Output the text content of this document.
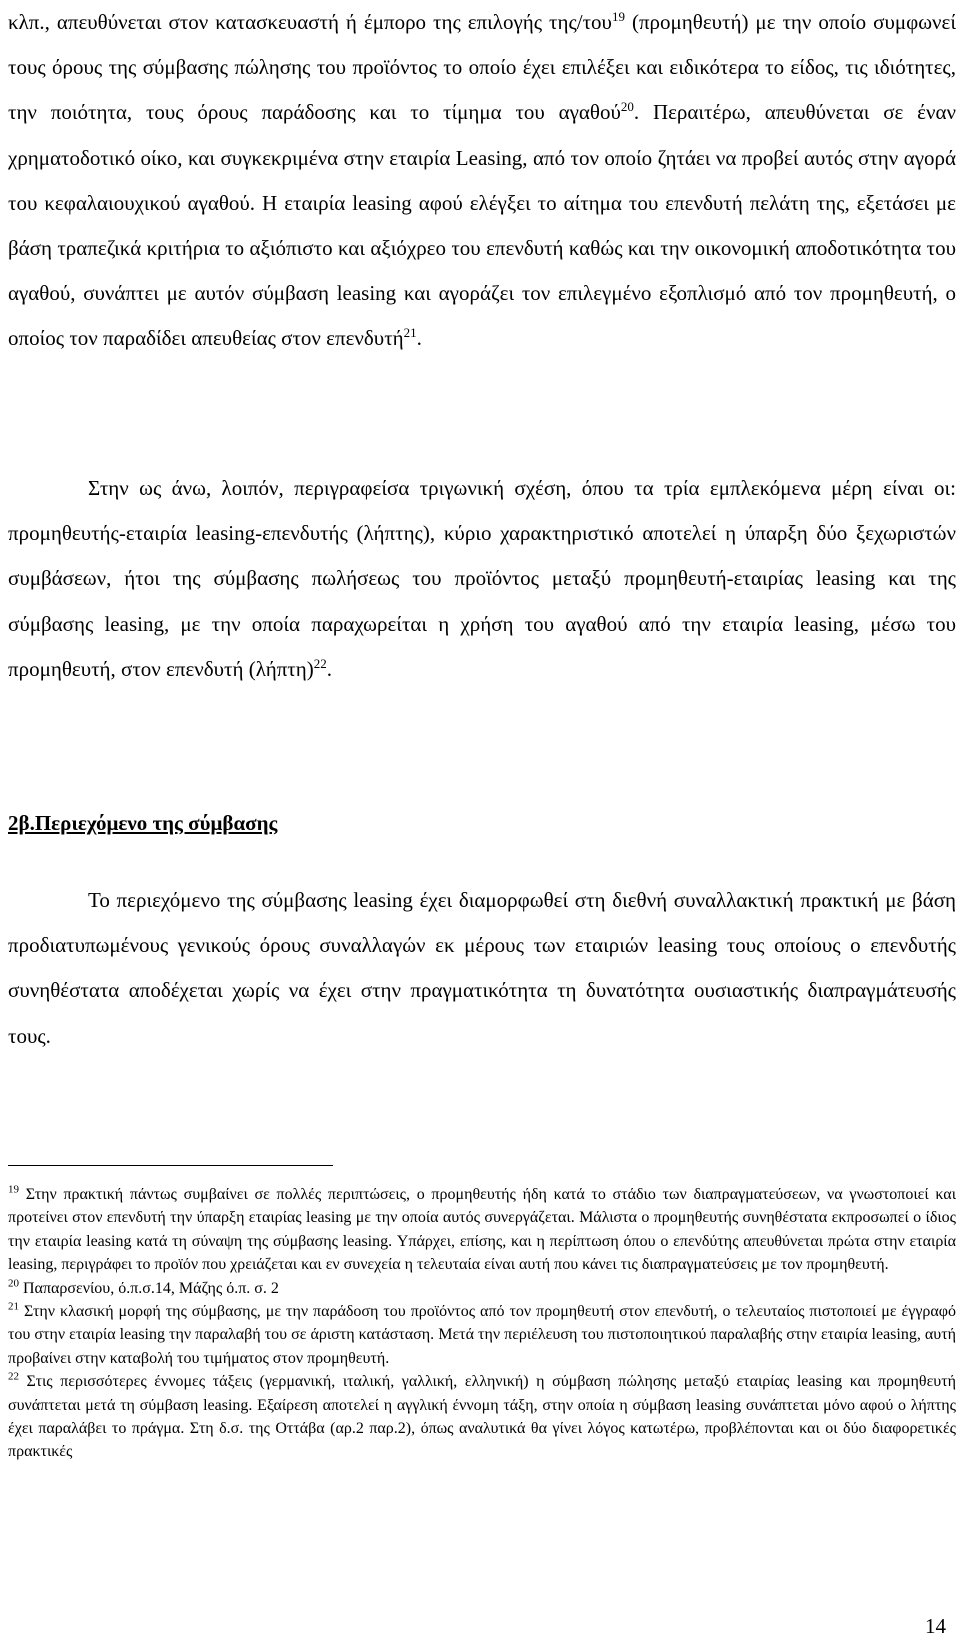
κλπ., απευθύνεται στον κατασκευαστή ή έμπορο της επιλογής της/του$^{19}$ (προμηθευτή) με την οποίο συμφωνεί τους όρους της σύμβασης πώλησης του προϊόντος το οποίο έχει επιλέξει και ειδικότερα το είδος, τις ιδιότητες, την ποιότητα, τους όρους παράδοσης και το τίμημα του αγαθού$^{20}$. Περαιτέρω, απευθύνεται σε έναν χρηματοδοτικό οίκο, και συγκεκριμένα στην εταιρία Leasing, από τον οποίο ζητάει να προβεί αυτός στην αγορά του κεφαλαιουχικού αγαθού. Η εταιρία leasing αφού ελέγξει το αίτημα του επενδυτή πελάτη της, εξετάσει με βάση τραπεζικά κριτήρια το αξιόπιστο και αξιόχρεο του επενδυτή καθώς και την οικονομική αποδοτικότητα του αγαθού, συνάπτει με αυτόν σύμβαση leasing και αγοράζει τον επιλεγμένο εξοπλισμό από τον προμηθευτή, ο οποίος τον παραδίδει απευθείας στον επενδυτή$^{21}$.

Στην ως άνω, λοιπόν, περιγραφείσα τριγωνική σχέση, όπου τα τρία εμπλεκόμενα μέρη είναι οι: προμηθευτής-εταιρία leasing-επενδυτής (λήπτης), κύριο χαρακτηριστικό αποτελεί η ύπαρξη δύο ξεχωριστών συμβάσεων, ήτοι της σύμβασης πωλήσεως του προϊόντος μεταξύ προμηθευτή-εταιρίας leasing και της σύμβασης leasing, με την οποία παραχωρείται η χρήση του αγαθού από την εταιρία leasing, μέσω του προμηθευτή, στον επενδυτή $(\lambda ή\pi\tau\eta)^{22}$.

2β.Περιεχόμενο της σύμβασης

Το περιεχόμενο της σύμβασης leasing έχει διαμορφωθεί στη διεθνή συναλλακτική πρακτική με βάση προδιατυπωμένους γενικούς όρους συναλλαγών εκ μέρους των εταιριών leasing τους οποίους ο επενδυτής συνηθέστατα αποδέχεται χωρίς να έχει στην πραγματικότητα τη δυνατότητα ουσιαστικής διαπραγμάτευσής τους.

$^{19}$ Στην πρακτική πάντως συμβαίνει σε πολλές περιπτώσεις, ο προμηθευτής ήδη κατά το στάδιο των διαπραγματεύσεων, να γνωστοποιεί και προτείνει στον επενδυτή την ύπαρξη εταιρίας leasing με την οποία αυτός συνεργάζεται. Μάλιστα ο προμηθευτής συνηθέστατα εκπροσωπεί ο ίδιος την εταιρία leasing κατά τη σύναψη της σύμβασης leasing. Υπάρχει, επίσης, και η περίπτωση όπου ο επενδύτης απευθύνεται πρώτα στην εταιρία leasing, περιγράφει το προϊόν που χρειάζεται και εν συνεχεία η τελευταία είναι αυτή που κάνει τις διαπραγματεύσεις με τον προμηθευτή.

$^{20}$ Παπαρσενίου, ό.π.σ.14, Μάζης ό.π. σ. 2

$^{21}$ Στην κλασική μορφή της σύμβασης, με την παράδοση του προϊόντος από τον προμηθευτή στον επενδυτή, ο τελευταίος πιστοποιεί με έγγραφό του στην εταιρία leasing την παραλαβή του σε άριστη κατάσταση. Μετά την περιέλευση του πιστοποιητικού παραλαβής στην εταιρία leasing, αυτή προβαίνει στην καταβολή του τιμήματος στον προμηθευτή.

$^{22}$ Στις περισσότερες έννομες τάξεις (γερμανική, ιταλική, γαλλική, ελληνική) η σύμβαση πώλησης μεταξύ εταιρίας leasing και προμηθευτή συνάπτεται μετά τη σύμβαση leasing. Εξαίρεση αποτελεί η αγγλική έννομη τάξη, στην οποία η σύμβαση leasing συνάπτεται μόνο αφού ο λήπτης έχει παραλάβει το πράγμα. Στη δ.σ. της Οττάβα (αρ.2 παρ.2), όπως αναλυτικά θα γίνει λόγος κατωτέρω, προβλέπονται και οι δύο διαφορετικές πρακτικές

14
